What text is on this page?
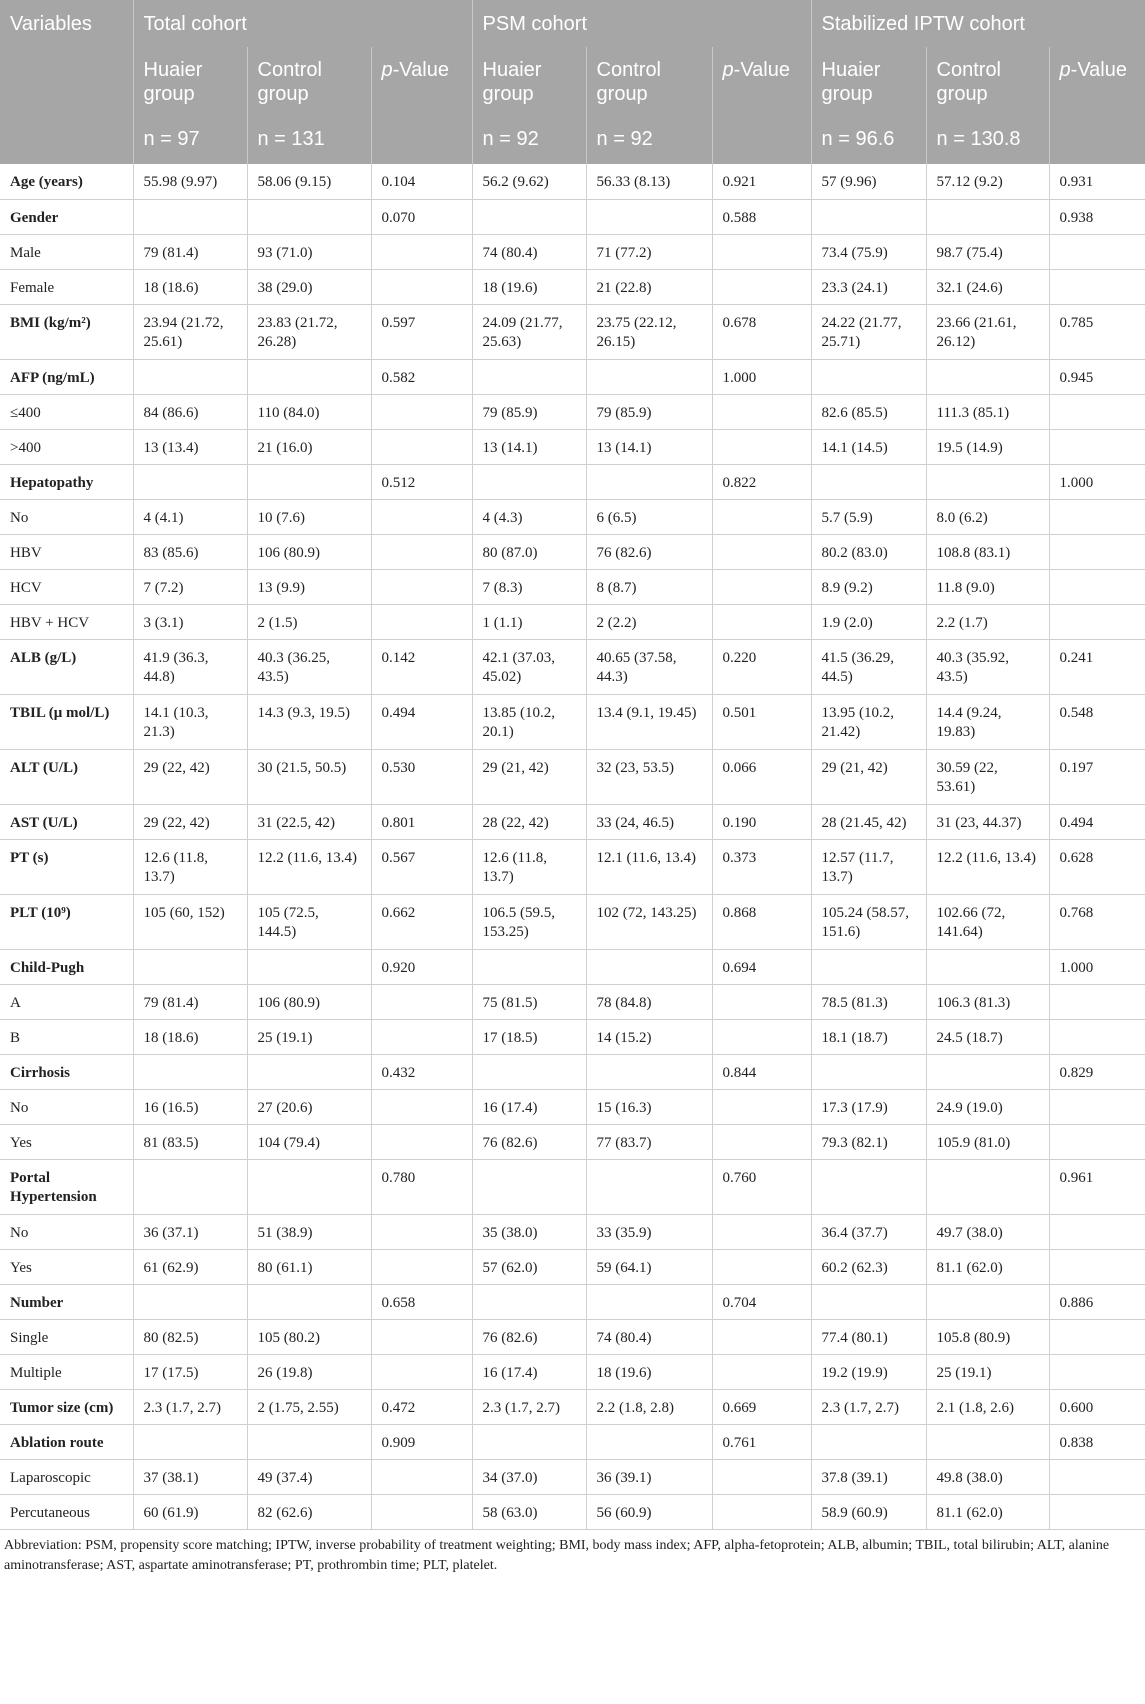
Variables	Total cohort			PSM cohort			Stabilized IPTW cohort		
	Huaier group	Control group	p-Value	Huaier group	Control group	p-Value	Huaier group	Control group	p-Value
	n = 97	n = 131		n = 92	n = 92		n = 96.6	n = 130.8	
Age (years)	55.98 (9.97)	58.06 (9.15)	0.104	56.2 (9.62)	56.33 (8.13)	0.921	57 (9.96)	57.12 (9.2)	0.931
Gender			0.070			0.588			0.938
Male	79 (81.4)	93 (71.0)		74 (80.4)	71 (77.2)		73.4 (75.9)	98.7 (75.4)	
Female	18 (18.6)	38 (29.0)		18 (19.6)	21 (22.8)		23.3 (24.1)	32.1 (24.6)	
BMI (kg/m²)	23.94 (21.72, 25.61)	23.83 (21.72, 26.28)	0.597	24.09 (21.77, 25.63)	23.75 (22.12, 26.15)	0.678	24.22 (21.77, 25.71)	23.66 (21.61, 26.12)	0.785
AFP (ng/mL)			0.582			1.000			0.945
≤400	84 (86.6)	110 (84.0)		79 (85.9)	79 (85.9)		82.6 (85.5)	111.3 (85.1)	
>400	13 (13.4)	21 (16.0)		13 (14.1)	13 (14.1)		14.1 (14.5)	19.5 (14.9)	
Hepatopathy			0.512			0.822			1.000
No	4 (4.1)	10 (7.6)		4 (4.3)	6 (6.5)		5.7 (5.9)	8.0 (6.2)	
HBV	83 (85.6)	106 (80.9)		80 (87.0)	76 (82.6)		80.2 (83.0)	108.8 (83.1)	
HCV	7 (7.2)	13 (9.9)		7 (8.3)	8 (8.7)		8.9 (9.2)	11.8 (9.0)	
HBV + HCV	3 (3.1)	2 (1.5)		1 (1.1)	2 (2.2)		1.9 (2.0)	2.2 (1.7)	
ALB (g/L)	41.9 (36.3, 44.8)	40.3 (36.25, 43.5)	0.142	42.1 (37.03, 45.02)	40.65 (37.58, 44.3)	0.220	41.5 (36.29, 44.5)	40.3 (35.92, 43.5)	0.241
TBIL (μ mol/L)	14.1 (10.3, 21.3)	14.3 (9.3, 19.5)	0.494	13.85 (10.2, 20.1)	13.4 (9.1, 19.45)	0.501	13.95 (10.2, 21.42)	14.4 (9.24, 19.83)	0.548
ALT (U/L)	29 (22, 42)	30 (21.5, 50.5)	0.530	29 (21, 42)	32 (23, 53.5)	0.066	29 (21, 42)	30.59 (22, 53.61)	0.197
AST (U/L)	29 (22, 42)	31 (22.5, 42)	0.801	28 (22, 42)	33 (24, 46.5)	0.190	28 (21.45, 42)	31 (23, 44.37)	0.494
PT (s)	12.6 (11.8, 13.7)	12.2 (11.6, 13.4)	0.567	12.6 (11.8, 13.7)	12.1 (11.6, 13.4)	0.373	12.57 (11.7, 13.7)	12.2 (11.6, 13.4)	0.628
PLT (10⁹)	105 (60, 152)	105 (72.5, 144.5)	0.662	106.5 (59.5, 153.25)	102 (72, 143.25)	0.868	105.24 (58.57, 151.6)	102.66 (72, 141.64)	0.768
Child-Pugh			0.920			0.694			1.000
A	79 (81.4)	106 (80.9)		75 (81.5)	78 (84.8)		78.5 (81.3)	106.3 (81.3)	
B	18 (18.6)	25 (19.1)		17 (18.5)	14 (15.2)		18.1 (18.7)	24.5 (18.7)	
Cirrhosis			0.432			0.844			0.829
No	16 (16.5)	27 (20.6)		16 (17.4)	15 (16.3)		17.3 (17.9)	24.9 (19.0)	
Yes	81 (83.5)	104 (79.4)		76 (82.6)	77 (83.7)		79.3 (82.1)	105.9 (81.0)	
Portal Hypertension			0.780			0.760			0.961
No	36 (37.1)	51 (38.9)		35 (38.0)	33 (35.9)		36.4 (37.7)	49.7 (38.0)	
Yes	61 (62.9)	80 (61.1)		57 (62.0)	59 (64.1)		60.2 (62.3)	81.1 (62.0)	
Number			0.658			0.704			0.886
Single	80 (82.5)	105 (80.2)		76 (82.6)	74 (80.4)		77.4 (80.1)	105.8 (80.9)	
Multiple	17 (17.5)	26 (19.8)		16 (17.4)	18 (19.6)		19.2 (19.9)	25 (19.1)	
Tumor size (cm)	2.3 (1.7, 2.7)	2 (1.75, 2.55)	0.472	2.3 (1.7, 2.7)	2.2 (1.8, 2.8)	0.669	2.3 (1.7, 2.7)	2.1 (1.8, 2.6)	0.600
Ablation route			0.909			0.761			0.838
Laparoscopic	37 (38.1)	49 (37.4)		34 (37.0)	36 (39.1)		37.8 (39.1)	49.8 (38.0)	
Percutaneous	60 (61.9)	82 (62.6)		58 (63.0)	56 (60.9)		58.9 (60.9)	81.1 (62.0)	
Abbreviation: PSM, propensity score matching; IPTW, inverse probability of treatment weighting; BMI, body mass index; AFP, alpha-fetoprotein; ALB, albumin; TBIL, total bilirubin; ALT, alanine aminotransferase; AST, aspartate aminotransferase; PT, prothrombin time; PLT, platelet.
